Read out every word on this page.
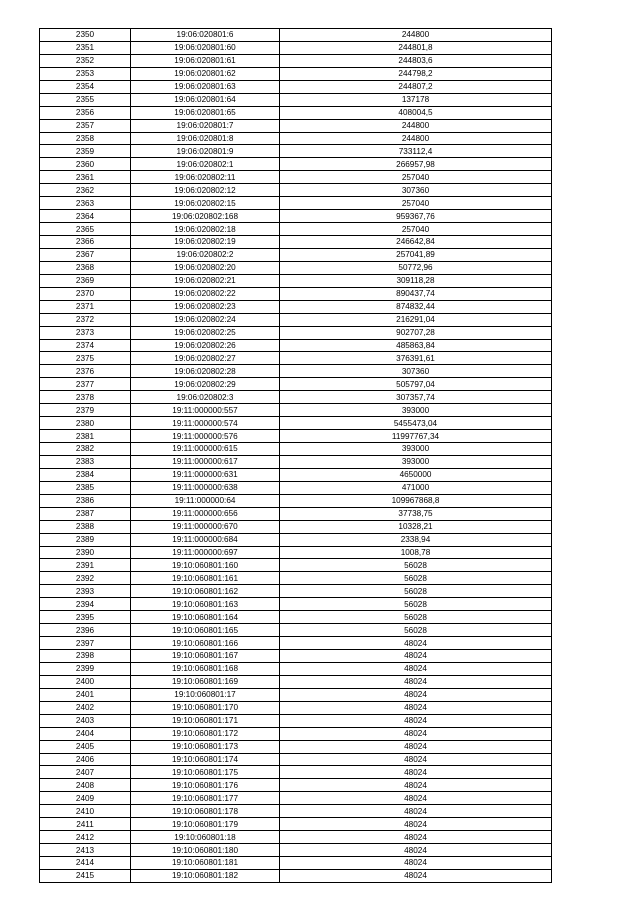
2350	19:06:020801:6	244800
2351	19:06:020801:60	244801,8
2352	19:06:020801:61	244803,6
2353	19:06:020801:62	244798,2
2354	19:06:020801:63	244807,2
2355	19:06:020801:64	137178
2356	19:06:020801:65	408004,5
2357	19:06:020801:7	244800
2358	19:06:020801:8	244800
2359	19:06:020801:9	733112,4
2360	19:06:020802:1	266957,98
2361	19:06:020802:11	257040
2362	19:06:020802:12	307360
2363	19:06:020802:15	257040
2364	19:06:020802:168	959367,76
2365	19:06:020802:18	257040
2366	19:06:020802:19	246642,84
2367	19:06:020802:2	257041,89
2368	19:06:020802:20	50772,96
2369	19:06:020802:21	309118,28
2370	19:06:020802:22	890437,74
2371	19:06:020802:23	874832,44
2372	19:06:020802:24	216291,04
2373	19:06:020802:25	902707,28
2374	19:06:020802:26	485863,84
2375	19:06:020802:27	376391,61
2376	19:06:020802:28	307360
2377	19:06:020802:29	505797,04
2378	19:06:020802:3	307357,74
2379	19:11:000000:557	393000
2380	19:11:000000:574	5455473,04
2381	19:11:000000:576	11997767,34
2382	19:11:000000:615	393000
2383	19:11:000000:617	393000
2384	19:11:000000:631	4650000
2385	19:11:000000:638	471000
2386	19:11:000000:64	109967868,8
2387	19:11:000000:656	37738,75
2388	19:11:000000:670	10328,21
2389	19:11:000000:684	2338,94
2390	19:11:000000:697	1008,78
2391	19:10:060801:160	56028
2392	19:10:060801:161	56028
2393	19:10:060801:162	56028
2394	19:10:060801:163	56028
2395	19:10:060801:164	56028
2396	19:10:060801:165	56028
2397	19:10:060801:166	48024
2398	19:10:060801:167	48024
2399	19:10:060801:168	48024
2400	19:10:060801:169	48024
2401	19:10:060801:17	48024
2402	19:10:060801:170	48024
2403	19:10:060801:171	48024
2404	19:10:060801:172	48024
2405	19:10:060801:173	48024
2406	19:10:060801:174	48024
2407	19:10:060801:175	48024
2408	19:10:060801:176	48024
2409	19:10:060801:177	48024
2410	19:10:060801:178	48024
2411	19:10:060801:179	48024
2412	19:10:060801:18	48024
2413	19:10:060801:180	48024
2414	19:10:060801:181	48024
2415	19:10:060801:182	48024
